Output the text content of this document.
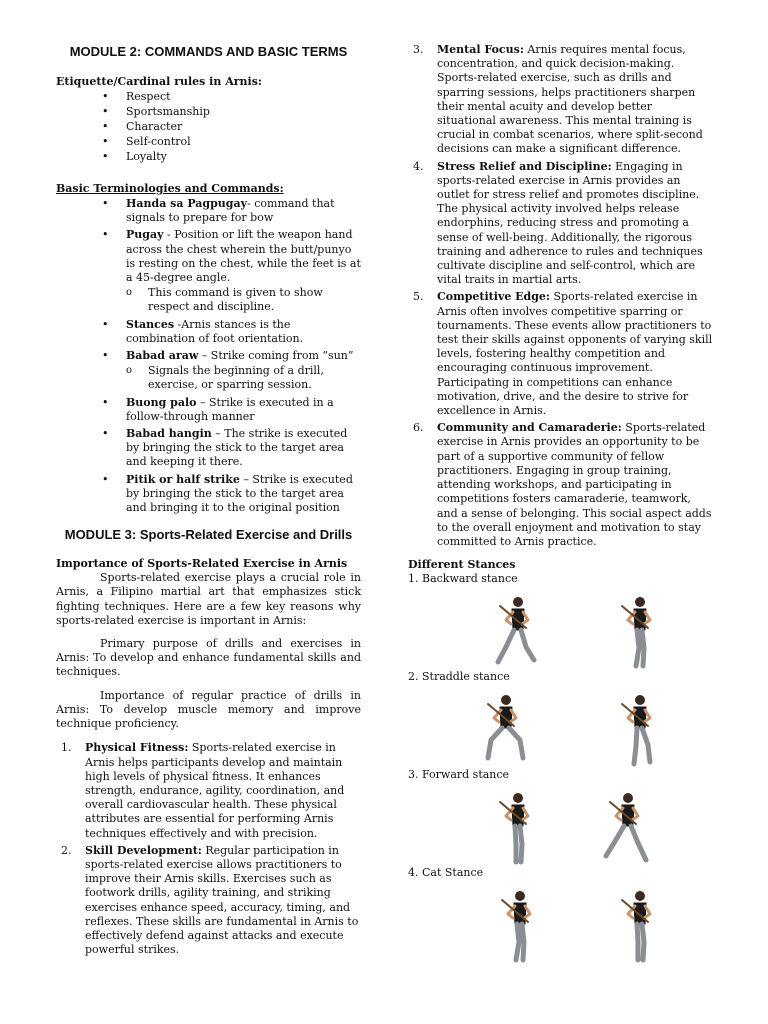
MODULE 2: COMMANDS AND BASIC TERMS

Etiquette/Cardinal rules in Arnis:

• Respect
• Sportsmanship
• Character
• Self-control
• Loyalty

Basic Terminologies and Commands:

• Handa sa Pagpugay- command that signals to prepare for bow
• Pugay - Position or lift the weapon hand across the chest wherein the butt/punyo is resting on the chest, while the feet is at a 45-degree angle.
o This command is given to show respect and discipline.
• Stances -Arnis stances is the combination of foot orientation.
• Babad araw – Strike coming from “sun”
o Signals the beginning of a drill, exercise, or sparring session.
• Buong palo – Strike is executed in a follow-through manner
• Babad hangin – The strike is executed by bringing the stick to the target area and keeping it there.
• Pitik or half strike – Strike is executed by bringing the stick to the target area and bringing it to the original position
MODULE 3: Sports-Related Exercise and Drills

Importance of Sports-Related Exercise in Arnis

Sports-related exercise plays a crucial role in Arnis, a Filipino martial art that emphasizes stick fighting techniques. Here are a few key reasons why sports-related exercise is important in Arnis:

Primary purpose of drills and exercises in Arnis: To develop and enhance fundamental skills and techniques.

Importance of regular practice of drills in Arnis: To develop muscle memory and improve technique proficiency.

1. Physical Fitness: Sports-related exercise in Arnis helps participants develop and maintain high levels of physical fitness. It enhances strength, endurance, agility, coordination, and overall cardiovascular health. These physical attributes are essential for performing Arnis techniques effectively and with precision.
2. Skill Development: Regular participation in sports-related exercise allows practitioners to improve their Arnis skills. Exercises such as footwork drills, agility training, and striking exercises enhance speed, accuracy, timing, and reflexes. These skills are fundamental in Arnis to effectively defend against attacks and execute powerful strikes.
3. Mental Focus: Arnis requires mental focus, concentration, and quick decision-making. Sports-related exercise, such as drills and sparring sessions, helps practitioners sharpen their mental acuity and develop better situational awareness. This mental training is crucial in combat scenarios, where split-second decisions can make a significant difference.
4. Stress Relief and Discipline: Engaging in sports-related exercise in Arnis provides an outlet for stress relief and promotes discipline. The physical activity involved helps release endorphins, reducing stress and promoting a sense of well-being. Additionally, the rigorous training and adherence to rules and techniques cultivate discipline and self-control, which are vital traits in martial arts.
5. Competitive Edge: Sports-related exercise in Arnis often involves competitive sparring or tournaments. These events allow practitioners to test their skills against opponents of varying skill levels, fostering healthy competition and encouraging continuous improvement. Participating in competitions can enhance motivation, drive, and the desire to strive for excellence in Arnis.
6. Community and Camaraderie: Sports-related exercise in Arnis provides an opportunity to be part of a supportive community of fellow practitioners. Engaging in group training, attending workshops, and participating in competitions fosters camaraderie, teamwork, and a sense of belonging. This social aspect adds to the overall enjoyment and motivation to stay committed to Arnis practice.

Different Stances

1. Backward stance

2. Straddle stance

3. Forward stance

4. Cat Stance
